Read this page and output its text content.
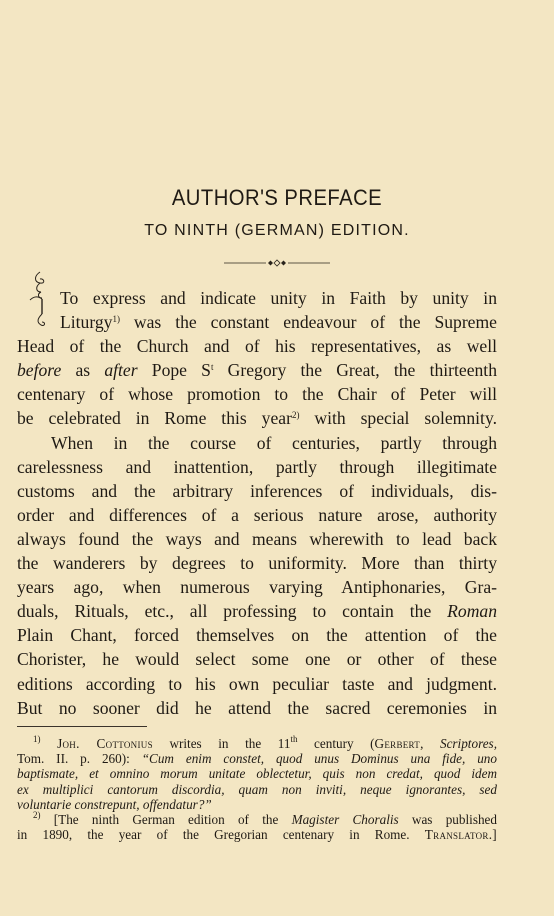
AUTHOR'S PREFACE
TO NINTH (GERMAN) EDITION.
To express and indicate unity in Faith by unity in
Liturgy$^{1)}$ was the constant endeavour of the Supreme
Head of the Church and of his representatives, as well
before as after Pope $S^t$ Gregory the Great, the thirteenth
centenary of whose promotion to the Chair of Peter will
be celebrated in Rome this year$^{2)}$ with special solemnity.
When in the course of centuries, partly through
carelessness and inattention, partly through illegitimate
customs and the arbitrary inferences of individuals, dis-
order and differences of a serious nature arose, authority
always found the ways and means wherewith to lead back
the wanderers by degrees to uniformity. More than thirty
years ago, when numerous varying Antiphonaries, Gra-
duals, Rituals, etc., all professing to contain the Roman
Plain Chant, forced themselves on the attention of the
Chorister, he would select some one or other of these
editions according to his own peculiar taste and judgment.
But no sooner did he attend the sacred ceremonies in
$^{1)}$ Joh. Cottonius writes in the 11th century (Gerbert, Scriptores,
Tom. II. p. 260): “Cum enim constet, quod unus Dominus una fide, uno
baptismate, et omnino morum unitate oblectetur, quis non credat, quod idem
ex multiplici cantorum discordia, quam non inviti, neque ignorantes, sed
voluntarie constrepunt, offendatur?”
$^{2)}$ [The ninth German edition of the Magister Choralis was published
in 1890, the year of the Gregorian centenary in Rome. Translator.]
